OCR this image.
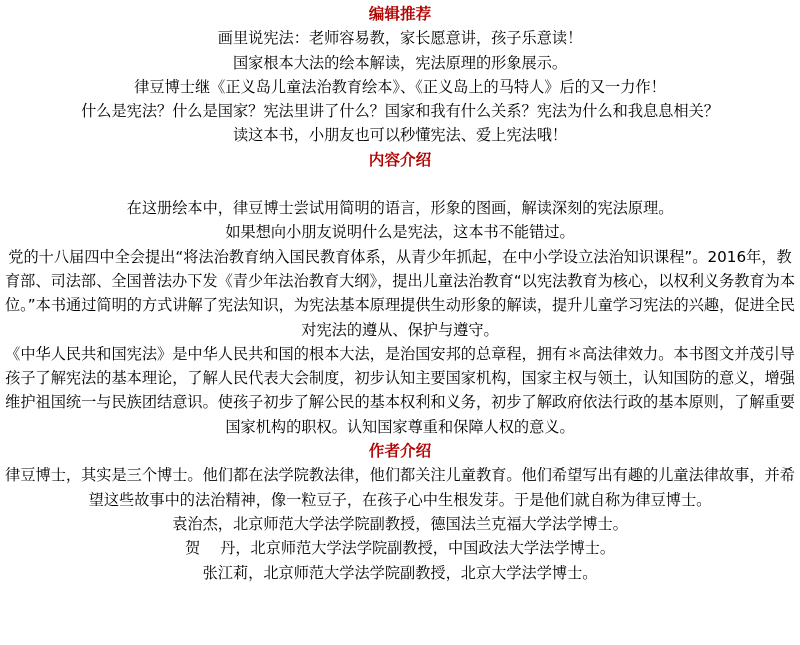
编辑推荐

画里说宪法：老师容易教，家长愿意讲，孩子乐意读！

国家根本大法的绘本解读，宪法原理的形象展示。

律豆博士继《正义岛儿童法治教育绘本》、《正义岛上的马特人》后的又一力作！

什么是宪法？什么是国家？宪法里讲了什么？国家和我有什么关系？宪法为什么和我息息相关？

读这本书，小朋友也可以秒懂宪法、爱上宪法哦！

内容介绍

在这册绘本中，律豆博士尝试用简明的语言，形象的图画，解读深刻的宪法原理。

如果想向小朋友说明什么是宪法，这本书不能错过。

党的十八届四中全会提出“将法治教育纳入国民教育体系，从青少年抓起，在中小学设立法治知识课程”。2016年，教育部、司法部、全国普法办下发《青少年法治教育大纲》，提出儿童法治教育“以宪法教育为核心，以权利义务教育为本位。”本书通过简明的方式讲解了宪法知识，为宪法基本原理提供生动形象的解读，提升儿童学习宪法的兴趣，促进全民对宪法的遵从、保护与遵守。

《中华人民共和国宪法》是中华人民共和国的根本大法，是治国安邦的总章程，拥有＊高法律效力。本书图文并茂引导孩子了解宪法的基本理论，了解人民代表大会制度，初步认知主要国家机构，国家主权与领土，认知国防的意义，增强维护祖国统一与民族团结意识。使孩子初步了解公民的基本权利和义务，初步了解政府依法行政的基本原则，了解重要国家机构的职权。认知国家尊重和保障人权的意义。

作者介绍

律豆博士，其实是三个博士。他们都在法学院教法律，他们都关注儿童教育。他们希望写出有趣的儿童法律故事，并希望这些故事中的法治精神，像一粒豆子，在孩子心中生根发芽。于是他们就自称为律豆博士。

袁治杰，北京师范大学法学院副教授，德国法兰克福大学法学博士。

贺　 丹，北京师范大学法学院副教授，中国政法大学法学博士。

张江莉，北京师范大学法学院副教授，北京大学法学博士。
